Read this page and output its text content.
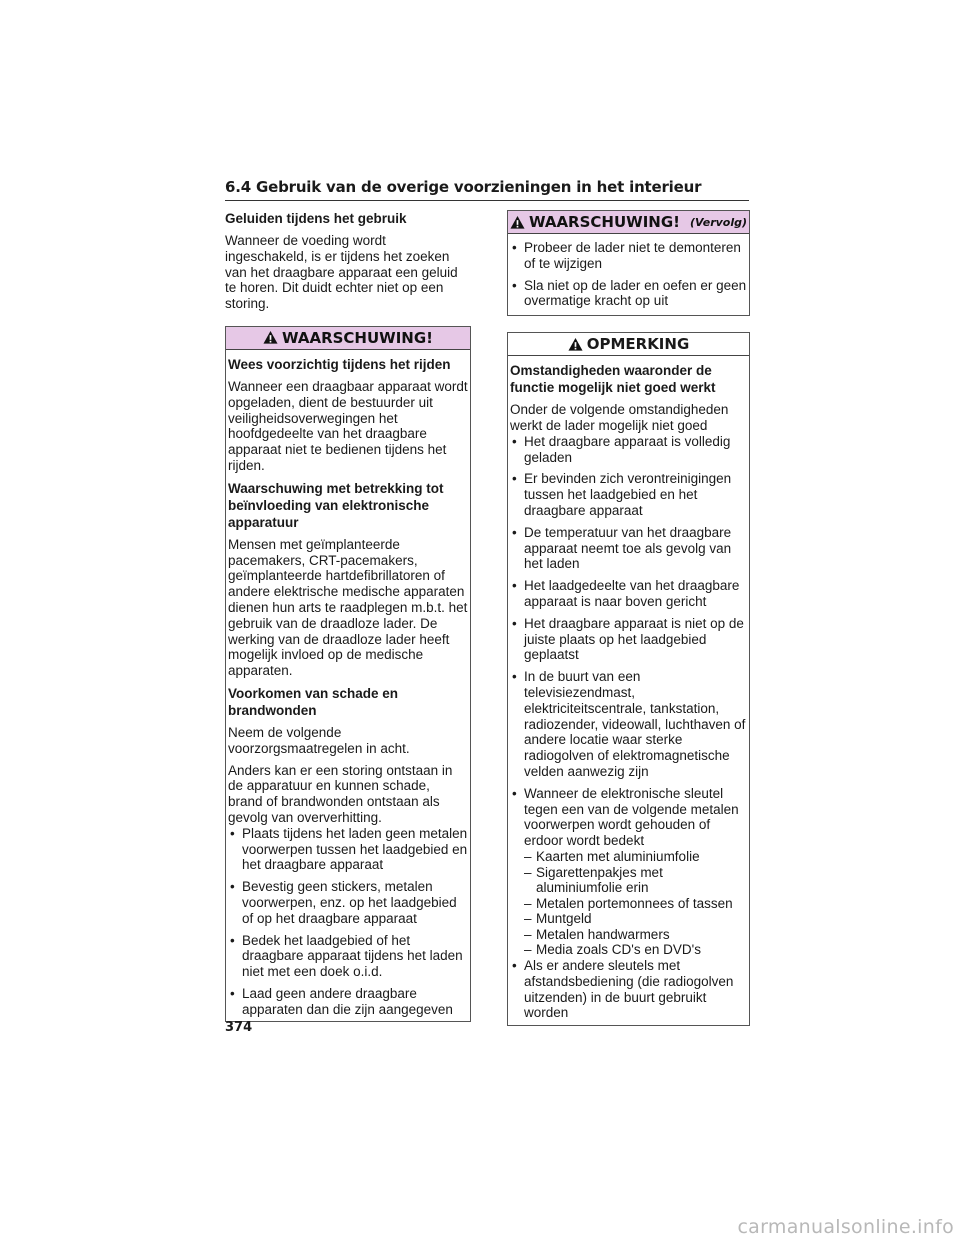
6.4 Gebruik van de overige voorzieningen in het interieur
Geluiden tijdens het gebruik

Wanneer de voeding wordt ingeschakeld, is er tijdens het zoeken van het draagbare apparaat een geluid te horen. Dit duidt echter niet op een storing.

WAARSCHUWING!
Wees voorzichtig tijdens het rijden

Wanneer een draagbaar apparaat wordt opgeladen, dient de bestuurder uit veiligheidsoverwegingen het hoofdgedeelte van het draagbare apparaat niet te bedienen tijdens het rijden.

Waarschuwing met betrekking tot beïnvloeding van elektronische apparatuur

Mensen met geïmplanteerde pacemakers, CRT-pacemakers, geïmplanteerde hartdefibrillatoren of andere elektrische medische apparaten dienen hun arts te raadplegen m.b.t. het gebruik van de draadloze lader. De werking van de draadloze lader heeft mogelijk invloed op de medische apparaten.

Voorkomen van schade en brandwonden

Neem de volgende voorzorgsmaatregelen in acht.

Anders kan er een storing ontstaan in de apparatuur en kunnen schade, brand of brandwonden ontstaan als gevolg van oververhitting.

• Plaats tijdens het laden geen metalen voorwerpen tussen het laadgebied en het draagbare apparaat
• Bevestig geen stickers, metalen voorwerpen, enz. op het laadgebied of op het draagbare apparaat
• Bedek het laadgebied of het draagbare apparaat tijdens het laden niet met een doek o.i.d.
• Laad geen andere draagbare apparaten dan die zijn aangegeven
WAARSCHUWING! (Vervolg)
• Probeer de lader niet te demonteren of te wijzigen
• Sla niet op de lader en oefen er geen overmatige kracht op uit
OPMERKING
Omstandigheden waaronder de functie mogelijk niet goed werkt

Onder de volgende omstandigheden werkt de lader mogelijk niet goed

• Het draagbare apparaat is volledig geladen
• Er bevinden zich verontreinigingen tussen het laadgebied en het draagbare apparaat
• De temperatuur van het draagbare apparaat neemt toe als gevolg van het laden
• Het laadgedeelte van het draagbare apparaat is naar boven gericht
• Het draagbare apparaat is niet op de juiste plaats op het laadgebied geplaatst
• In de buurt van een televisiezendmast, elektriciteitscentrale, tankstation, radiozender, videowall, luchthaven of andere locatie waar sterke radiogolven of elektromagnetische velden aanwezig zijn
• Wanneer de elektronische sleutel tegen een van de volgende metalen voorwerpen wordt gehouden of erdoor wordt bedekt
– Kaarten met aluminiumfolie
– Sigarettenpakjes met aluminiumfolie erin
– Metalen portemonnees of tassen
– Muntgeld
– Metalen handwarmers
– Media zoals CD's en DVD's
• Als er andere sleutels met afstandsbediening (die radiogolven uitzenden) in de buurt gebruikt worden
374
carmanualsonline.info
